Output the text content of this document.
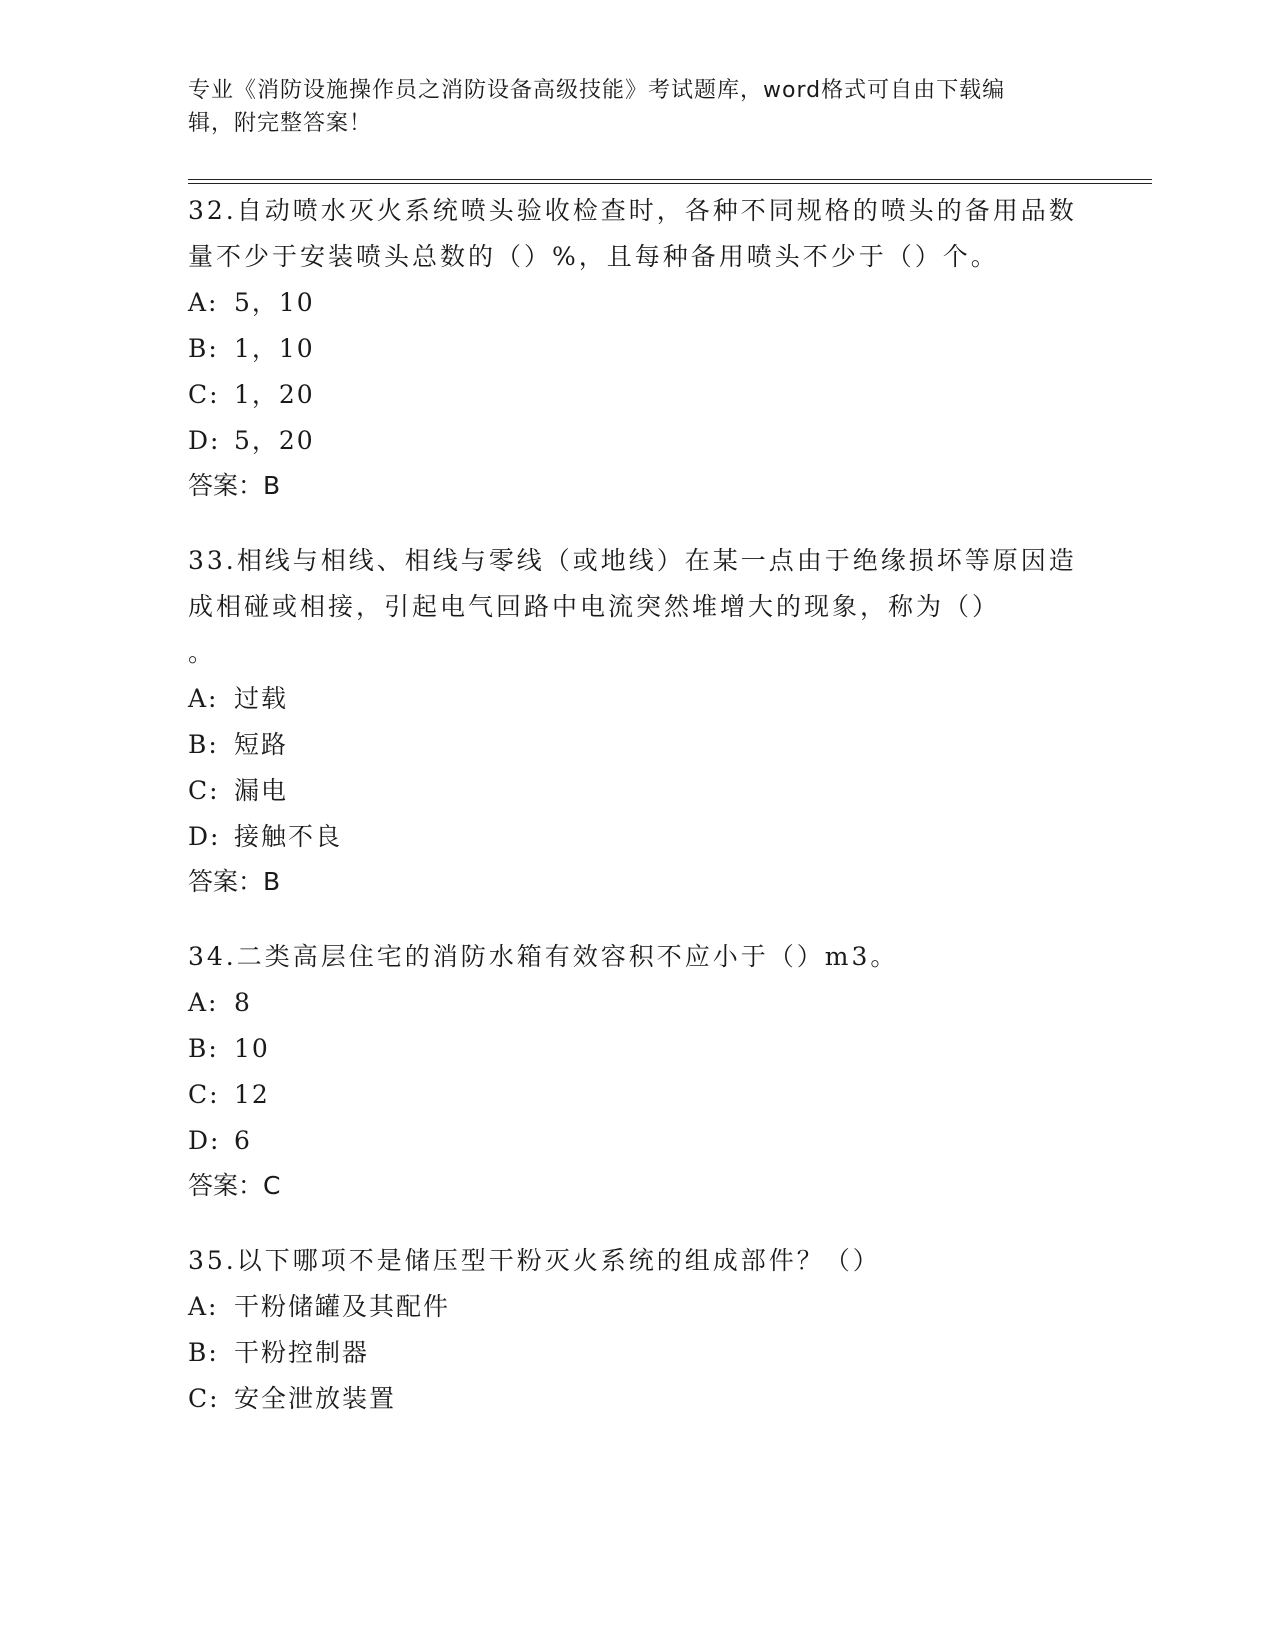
专业《消防设施操作员之消防设备高级技能》考试题库，word格式可自由下载编
辑，附完整答案！

32.自动喷水灭火系统喷头验收检查时，各种不同规格的喷头的备用品数量不少于安装喷头总数的（）%，且每种备用喷头不少于（）个。

A: 5，10

B: 1，10

C: 1，20

D: 5，20

答案：B

33.相线与相线、相线与零线（或地线）在某一点由于绝缘损坏等原因造成相碰或相接，引起电气回路中电流突然堆增大的现象，称为（）

。

A: 过载

B: 短路

C: 漏电

D: 接触不良

答案：B

34.二类高层住宅的消防水箱有效容积不应小于（）m3。

A: 8

B: 10

C: 12

D: 6

答案：C

35.以下哪项不是储压型干粉灭火系统的组成部件？（）

A: 干粉储罐及其配件

B: 干粉控制器

C: 安全泄放装置
